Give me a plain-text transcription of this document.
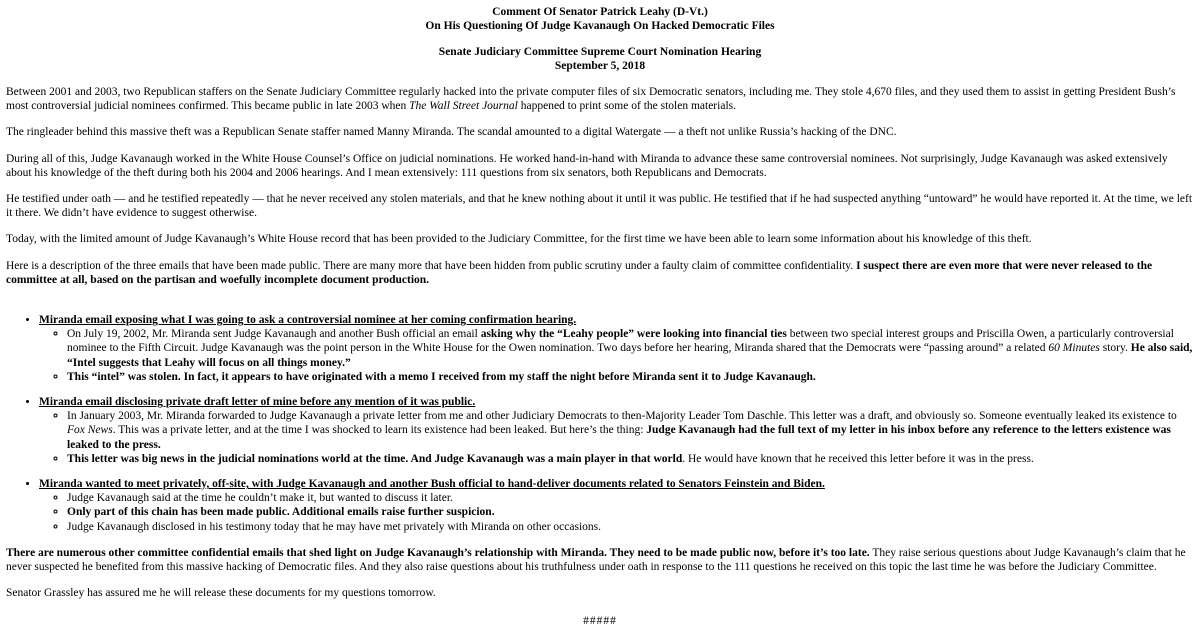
Comment Of Senator Patrick Leahy (D-Vt.)
On His Questioning Of Judge Kavanaugh On Hacked Democratic Files
Senate Judiciary Committee Supreme Court Nomination Hearing
September 5, 2018

Between 2001 and 2003, two Republican staffers on the Senate Judiciary Committee regularly hacked into the private computer files of six Democratic senators, including me. They stole 4,670 files, and they used them to assist in getting President Bush’s most controversial judicial nominees confirmed. This became public in late 2003 when The Wall Street Journal happened to print some of the stolen materials.

The ringleader behind this massive theft was a Republican Senate staffer named Manny Miranda. The scandal amounted to a digital Watergate — a theft not unlike Russia’s hacking of the DNC.

During all of this, Judge Kavanaugh worked in the White House Counsel’s Office on judicial nominations. He worked hand-in-hand with Miranda to advance these same controversial nominees. Not surprisingly, Judge Kavanaugh was asked extensively about his knowledge of the theft during both his 2004 and 2006 hearings. And I mean extensively: 111 questions from six senators, both Republicans and Democrats.

He testified under oath — and he testified repeatedly — that he never received any stolen materials, and that he knew nothing about it until it was public. He testified that if he had suspected anything “untoward” he would have reported it. At the time, we left it there. We didn’t have evidence to suggest otherwise.

Today, with the limited amount of Judge Kavanaugh’s White House record that has been provided to the Judiciary Committee, for the first time we have been able to learn some information about his knowledge of this theft.

Here is a description of the three emails that have been made public. There are many more that have been hidden from public scrutiny under a faulty claim of committee confidentiality. I suspect there are even more that were never released to the committee at all, based on the partisan and woefully incomplete document production.

• Miranda email exposing what I was going to ask a controversial nominee at her coming confirmation hearing.
◦ On July 19, 2002, Mr. Miranda sent Judge Kavanaugh and another Bush official an email asking why the “Leahy people” were looking into financial ties between two special interest groups and Priscilla Owen, a particularly controversial nominee to the Fifth Circuit. Judge Kavanaugh was the point person in the White House for the Owen nomination. Two days before her hearing, Miranda shared that the Democrats were “passing around” a related 60 Minutes story. He also said, “Intel suggests that Leahy will focus on all things money.”
◦ This “intel” was stolen. In fact, it appears to have originated with a memo I received from my staff the night before Miranda sent it to Judge Kavanaugh.
• Miranda email disclosing private draft letter of mine before any mention of it was public.
◦ In January 2003, Mr. Miranda forwarded to Judge Kavanaugh a private letter from me and other Judiciary Democrats to then-Majority Leader Tom Daschle. This letter was a draft, and obviously so. Someone eventually leaked its existence to Fox News. This was a private letter, and at the time I was shocked to learn its existence had been leaked. But here’s the thing: Judge Kavanaugh had the full text of my letter in his inbox before any reference to the letters existence was leaked to the press.
◦ This letter was big news in the judicial nominations world at the time. And Judge Kavanaugh was a main player in that world. He would have known that he received this letter before it was in the press.
• Miranda wanted to meet privately, off-site, with Judge Kavanaugh and another Bush official to hand-deliver documents related to Senators Feinstein and Biden.
◦ Judge Kavanaugh said at the time he couldn’t make it, but wanted to discuss it later.
◦ Only part of this chain has been made public. Additional emails raise further suspicion.
◦ Judge Kavanaugh disclosed in his testimony today that he may have met privately with Miranda on other occasions.

There are numerous other committee confidential emails that shed light on Judge Kavanaugh’s relationship with Miranda. They need to be made public now, before it’s too late. They raise serious questions about Judge Kavanaugh’s claim that he never suspected he benefited from this massive hacking of Democratic files. And they also raise questions about his truthfulness under oath in response to the 111 questions he received on this topic the last time he was before the Judiciary Committee.

Senator Grassley has assured me he will release these documents for my questions tomorrow.

#####
